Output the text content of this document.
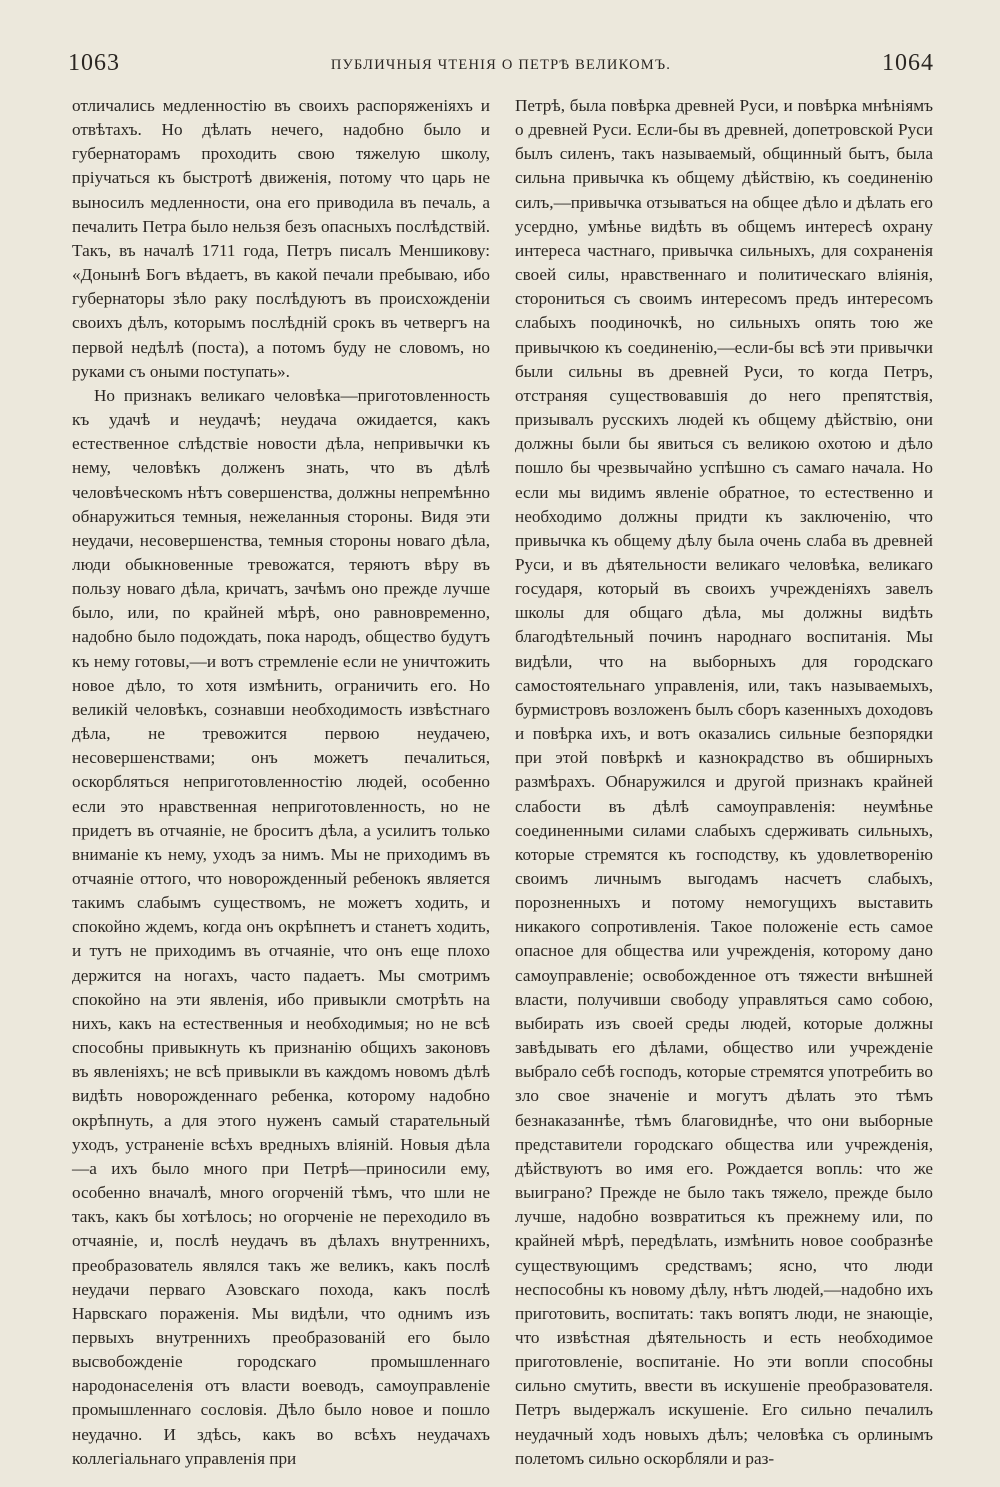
1063	ПУБЛИЧНЫЯ ЧТЕНІЯ О ПЕТРѢ ВЕЛИКОМЪ.	1064

отличались медленностію въ своихъ распоряженіяхъ и отвѣтахъ. Но дѣлать нечего, надобно было и губернаторамъ проходить свою тяжелую школу, пріучаться къ быстротѣ движенія, потому что царь не выносилъ медленности, она его приводила въ печаль, а печалить Петра было нельзя безъ опасныхъ послѣдствій. Такъ, въ началѣ 1711 года, Петръ писалъ Меншикову: «Донынѣ Богъ вѣдаетъ, въ какой печали пребываю, ибо губернаторы зѣло раку послѣдуютъ въ происхожденіи своихъ дѣлъ, которымъ послѣдній срокъ въ четвергъ на первой недѣлѣ (поста), а потомъ буду не словомъ, но руками съ оными поступать».

Но признакъ великаго человѣка—приготовленность къ удачѣ и неудачѣ; неудача ожидается, какъ естественное слѣдствіе новости дѣла, непривычки къ нему, человѣкъ долженъ знать, что въ дѣлѣ человѣческомъ нѣтъ совершенства, должны непремѣнно обнаружиться темныя, нежеланныя стороны. Видя эти неудачи, несовершенства, темныя стороны новаго дѣла, люди обыкновенные тревожатся, теряютъ вѣру въ пользу новаго дѣла, кричатъ, зачѣмъ оно прежде лучше было, или, по крайней мѣрѣ, оно равновременно, надобно было подождать, пока народъ, общество будутъ къ нему готовы,—и вотъ стремленіе если не уничтожить новое дѣло, то хотя измѣнить, ограничить его. Но великій человѣкъ, сознавши необходимость извѣстнаго дѣла, не тревожится первою неудачею, несовершенствами; онъ можетъ печалиться, оскорбляться неприготовленностію людей, особенно если это нравственная неприготовленность, но не придетъ въ отчаяніе, не броситъ дѣла, а усилитъ только вниманіе къ нему, уходъ за нимъ. Мы не приходимъ въ отчаяніе оттого, что новорожденный ребенокъ является такимъ слабымъ существомъ, не можетъ ходить, и спокойно ждемъ, когда онъ окрѣпнетъ и станетъ ходить, и тутъ не приходимъ въ отчаяніе, что онъ еще плохо держится на ногахъ, часто падаетъ. Мы смотримъ спокойно на эти явленія, ибо привыкли смотрѣть на нихъ, какъ на естественныя и необходимыя; но не всѣ способны привыкнуть къ признанію общихъ законовъ въ явленіяхъ; не всѣ привыкли въ каждомъ новомъ дѣлѣ видѣть новорожденнаго ребенка, которому надобно окрѣпнуть, а для этого нуженъ самый старательный уходъ, устраненіе всѣхъ вредныхъ вліяній. Новыя дѣла—а ихъ было много при Петрѣ—приносили ему, особенно вначалѣ, много огорченій тѣмъ, что шли не такъ, какъ бы хотѣлось; но огорченіе не переходило въ отчаяніе, и, послѣ неудачъ въ дѣлахъ внутреннихъ, преобразователь являлся такъ же великъ, какъ послѣ неудачи перваго Азовскаго похода, какъ послѣ Нарвскаго пораженія. Мы видѣли, что однимъ изъ первыхъ внутреннихъ преобразованій его было высвобожденіе городскаго промышленнаго народонаселенія отъ власти воеводъ, самоуправленіе промышленнаго сословія. Дѣло было новое и пошло неудачно. И здѣсь, какъ во всѣхъ неудачахъ коллегіальнаго управленія при

Петрѣ, была повѣрка древней Руси, и повѣрка мнѣніямъ о древней Руси. Если-бы въ древней, допетровской Руси былъ силенъ, такъ называемый, общинный бытъ, была сильна привычка къ общему дѣйствію, къ соединенію силъ,—привычка отзываться на общее дѣло и дѣлать его усердно, умѣнье видѣть въ общемъ интересѣ охрану интереса частнаго, привычка сильныхъ, для сохраненія своей силы, нравственнаго и политическаго вліянія, сторониться съ своимъ интересомъ предъ интересомъ слабыхъ поодиночкѣ, но сильныхъ опять тою же привычкою къ соединенію,—если-бы всѣ эти привычки были сильны въ древней Руси, то когда Петръ, отстраняя существовавшія до него препятствія, призывалъ русскихъ людей къ общему дѣйствію, они должны были бы явиться съ великою охотою и дѣло пошло бы чрезвычайно успѣшно съ самаго начала. Но если мы видимъ явленіе обратное, то естественно и необходимо должны придти къ заключенію, что привычка къ общему дѣлу была очень слаба въ древней Руси, и въ дѣятельности великаго человѣка, великаго государя, который въ своихъ учрежденіяхъ завелъ школы для общаго дѣла, мы должны видѣть благодѣтельный починъ народнаго воспитанія. Мы видѣли, что на выборныхъ для городскаго самостоятельнаго управленія, или, такъ называемыхъ, бурмистровъ возложенъ былъ сборъ казенныхъ доходовъ и повѣрка ихъ, и вотъ оказались сильные безпорядки при этой повѣркѣ и казнокрадство въ обширныхъ размѣрахъ. Обнаружился и другой признакъ крайней слабости въ дѣлѣ самоуправленія: неумѣнье соединенными силами слабыхъ сдерживать сильныхъ, которые стремятся къ господству, къ удовлетворенію своимъ личнымъ выгодамъ насчетъ слабыхъ, порозненныхъ и потому немогущихъ выставить никакого сопротивленія. Такое положеніе есть самое опасное для общества или учрежденія, которому дано самоуправленіе; освобожденное отъ тяжести внѣшней власти, получивши свободу управляться само собою, выбирать изъ своей среды людей, которые должны завѣдывать его дѣлами, общество или учрежденіе выбрало себѣ господъ, которые стремятся употребить во зло свое значеніе и могутъ дѣлать это тѣмъ безнаказаннѣе, тѣмъ благовиднѣе, что они выборные представители городскаго общества или учрежденія, дѣйствуютъ во имя его. Рождается вопль: что же выиграно? Прежде не было такъ тяжело, прежде было лучше, надобно возвратиться къ прежнему или, по крайней мѣрѣ, передѣлать, измѣнить новое сообразнѣе существующимъ средствамъ; ясно, что люди неспособны къ новому дѣлу, нѣтъ людей,—надобно ихъ приготовить, воспитать: такъ вопятъ люди, не знающіе, что извѣстная дѣятельность и есть необходимое приготовленіе, воспитаніе. Но эти вопли способны сильно смутить, ввести въ искушеніе преобразователя. Петръ выдержалъ искушеніе. Его сильно печалилъ неудачный ходъ новыхъ дѣлъ; человѣка съ орлинымъ полетомъ сильно оскорбляли и раз-
